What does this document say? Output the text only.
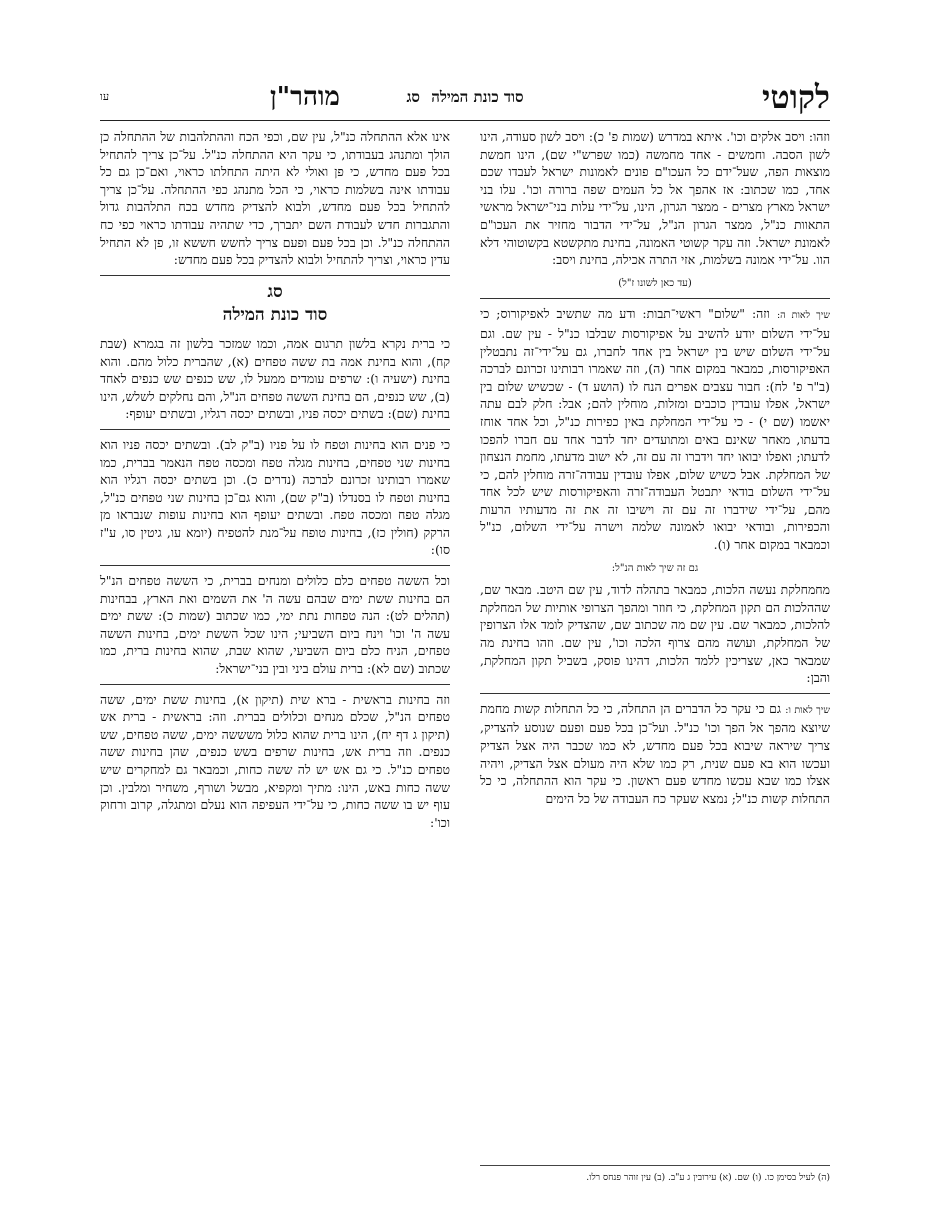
עו	מוהר"ן	סוד כונת המילה סג	לקוטי

וזהו: ויסב אלקים וכו'. איתא במדרש (שמות פ' כ): ויסב לשון סעודה, הינו לשון הסבה. וחמשים - אחד מחמשה (כמו שפרש"י שם), הינו חמשת מוצאות הפה, שעל־ידם כל העכו"ם פונים לאמונות ישראל לעבדו שכם אחד, כמו שכתוב: אז אהפך אל כל העמים שפה ברורה וכו'. עלו בני ישראל מארץ מצרים - ממצר הגרון, הינו, על־ידי עלות בני־ישראל מראשי התאוות כנ"ל, ממצר הגרון הנ"ל, על־ידי הדבור מחזיר את העכו"ם לאמונת ישראל. וזה עקר קשוטי האמונה, בחינת מתקשטא בקשוטוהי דלא הוו. על־ידי אמונה בשלמות, אזי התרה אכילה, בחינת ויסב:

(עד כאן לשונו ז"ל)

שיך לאות ה: וזה: "שלום" ראשי־תבות: ודע מה שתשיב לאפיקורוס; כי על־ידי השלום יודע להשיב על אפיקורסות שבלבו כנ"ל - עין שם. וגם על־ידי השלום שיש בין ישראל בין אחד לחברו, גם על־ידי־זה נתבטלין האפיקורסות, כמבאר במקום אחר (ה), וזה שאמרו רבותינו זכרונם לברכה (ב"ר פ' לח): חבור עצבים אפרים הנח לו (הושע ד) - שכשיש שלום בין ישראל, אפלו עובדין כוכבים ומזלות, מוחלין להם; אבל: חלק לבם עתה יאשמו (שם י) - כי על־ידי המחלקת באין כפירות כנ"ל, וכל אחד אוחז בדעתו, מאחר שאינם באים ומתועדים יחד לדבר אחד עם חברו להפכו לדעתו; ואפלו יבואו יחד וידברו זה עם זה, לא ישוב מדעתו, מחמת הנצחון של המחלקת. אבל כשיש שלום, אפלו עובדין עבודה־זרה מוחלין להם, כי על־ידי השלום בודאי יתבטל העבודה־זרה והאפיקורסות שיש לכל אחד מהם, על־ידי שידברו זה עם זה וישיבו זה את זה מדעותיו הרעות והכפירות, ובודאי יבואו לאמונה שלמה וישרה על־ידי השלום, כנ"ל וכמבאר במקום אחר (ו).

גם זה שיך לאות הנ"ל:

מחמחלקת נעשה הלכות, כמבאר בתהלה לדוד, עין שם היטב. מבאר שם, שההלכות הם תקון המחלקת, כי חוזר ומהפך הצרופי אותיות של המחלקת להלכות, כמבאר שם. עין שם מה שכתוב שם, שהצדיק לומד אלו הצרופין של המחלקת, ועושה מהם צרוף הלכה וכו', עין שם. וזהו בחינת מה שמבאר כאן, שצריכין ללמד הלכות, דהינו פוסק, בשביל תקון המחלקת, והבן:

שיך לאות ו: גם כי עקר כל הדברים הן התחלה, כי כל התחלות קשות מחמת שיוצא מהפך אל הפך וכו' כנ"ל. ועל־כן בכל פעם ופעם שנוסע להצדיק, צריך שיראה שיבוא בכל פעם מחדש, לא כמו שכבר היה אצל הצדיק ועכשו הוא בא פעם שנית, רק כמו שלא היה מעולם אצל הצדיק, ויהיה אצלו כמו שבא עכשו מחדש פעם ראשון. כי עקר הוא ההתחלה, כי כל התחלות קשות כנ"ל; נמצא שעקר כח העבודה של כל הימים

אינו אלא ההתחלה כנ"ל, עין שם, וכפי הכח וההתלהבות של ההתחלה כן הולך ומתנהג בעבודתו, כי עקר היא ההתחלה כנ"ל. על־כן צריך להתחיל בכל פעם מחדש, כי פן ואולי לא היתה התחלתו כראוי, ואם־כן גם כל עבודתו אינה בשלמות כראוי, כי הכל מתנהג כפי ההתחלה. על־כן צריך להתחיל בכל פעם מחדש, ולבוא להצדיק מחדש בכח התלהבות גדול והתגברות חדש לעבודת השם יתברך, כדי שתהיה עבודתו כראוי כפי כח ההתחלה כנ"ל. וכן בכל פעם ופעם צריך לחשש חששא זו, פן לא התחיל עדין כראוי, וצריך להתחיל ולבוא להצדיק בכל פעם מחדש:

סג
סוד כונת המילה

כי ברית נקרא בלשון תרגום אמה, וכמו שמזכר בלשון זה בגמרא (שבת קח), והוא בחינת אמה בת ששה טפחים (א), שהברית כלול מהם. והוא בחינת (ישעיה ו): שרפים עומדים ממעל לו, שש כנפים שש כנפים לאחד (ב), שש כנפים, הם בחינת הששה טפחים הנ"ל, והם נחלקים לשלש, הינו בחינת (שם): בשתים יכסה פניו, ובשתים יכסה רגליו, ובשתים יעופף:

כי פנים הוא בחינות וטפח לו על פניו (ב"ק לב). ובשתים יכסה פניו הוא בחינות שני טפחים, בחינות מגלה טפח ומכסה טפח הנאמר בברית, כמו שאמרו רבותינו זכרונם לברכה (נדרים כ). וכן בשתים יכסה רגליו הוא בחינות וטפח לו בסנדלו (ב"ק שם), והוא גם־כן בחינות שני טפחים כנ"ל, מגלה טפח ומכסה טפח. ובשתים יעופף הוא בחינות עופות שנבראו מן הרקק (חולין כז), בחינות טופח על־מנת להטפיח (יומא עו, גיטין סו, ע"ז סו):

וכל הששה טפחים כלם כלולים ומנחים בברית, כי הששה טפחים הנ"ל הם בחינות ששת ימים שבהם עשה ה' את השמים ואת הארץ, בבחינות (תהלים לט): הנה טפחות נתת ימי, כמו שכתוב (שמות כ): ששת ימים עשה ה' וכו' וינח ביום השביעי; הינו שכל הששת ימים, בחינות הששה טפחים, הניח כלם ביום השביעי, שהוא שבת, שהוא בחינות ברית, כמו שכתוב (שם לא): ברית עולם ביני ובין בני־ישראל:

וזה בחינות בראשית - ברא שית (תיקון א), בחינות ששת ימים, ששה טפחים הנ"ל, שכלם מנחים וכלולים בברית. וזה: בראשית - ברית אש (תיקון ג דף יח), הינו ברית שהוא כלול משששה ימים, ששה טפחים, שש כנפים. וזה ברית אש, בחינות שרפים בשש כנפים, שהן בחינות ששה טפחים כנ"ל. כי גם אש יש לה ששה כחות, וכמבאר גם למחקרים שיש ששה כחות באש, הינו: מתיך ומקפיא, מבשל ושורף, משחיר ומלבין. וכן עוף יש בו ששה כחות, כי על־ידי העפיפה הוא נעלם ומתגלה, קרוב ורחוק וכו':

(ה) לעיל בסימן כו. (ו) שם. (א) עירובין ג ע"ב. (ב) עין זוהר פנחס רלו.
